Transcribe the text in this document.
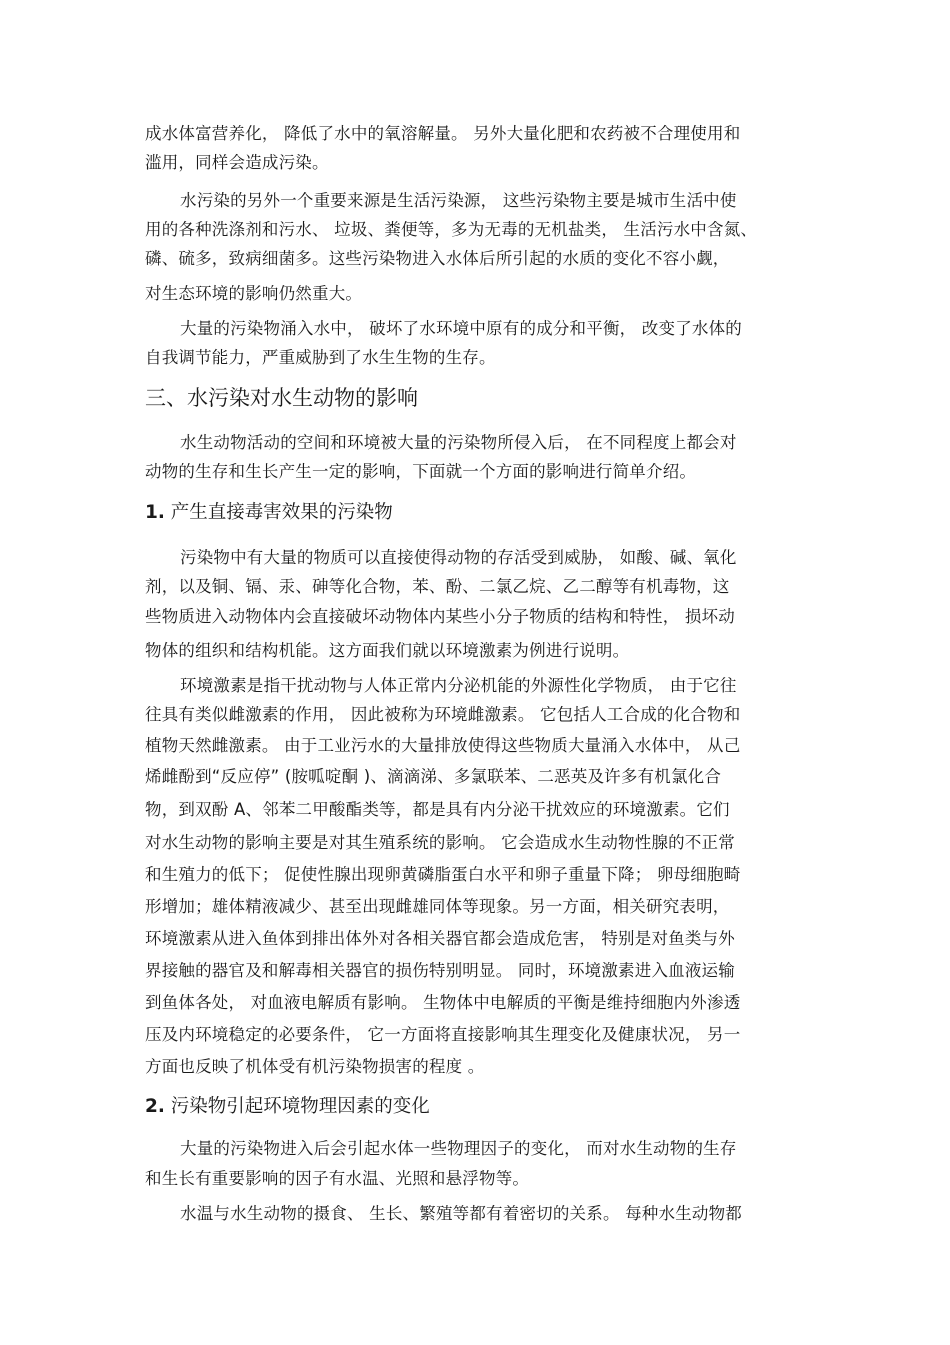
成水体富营养化， 降低了水中的氧溶解量。 另外大量化肥和农药被不合理使用和
滥用，同样会造成污染。
水污染的另外一个重要来源是生活污染源， 这些污染物主要是城市生活中使
用的各种洗涤剂和污水、 垃圾、粪便等，多为无毒的无机盐类， 生活污水中含氮、
磷、硫多，致病细菌多。这些污染物进入水体后所引起的水质的变化不容小觑，
对生态环境的影响仍然重大。
大量的污染物涌入水中， 破坏了水环境中原有的成分和平衡， 改变了水体的
自我调节能力，严重威胁到了水生生物的生存。
三、水污染对水生动物的影响
水生动物活动的空间和环境被大量的污染物所侵入后， 在不同程度上都会对
动物的生存和生长产生一定的影响，下面就一个方面的影响进行简单介绍。
1. 产生直接毒害效果的污染物
污染物中有大量的物质可以直接使得动物的存活受到威胁， 如酸、碱、氧化
剂，以及铜、镉、汞、砷等化合物，苯、酚、二氯乙烷、乙二醇等有机毒物，这
些物质进入动物体内会直接破坏动物体内某些小分子物质的结构和特性， 损坏动
物体的组织和结构机能。这方面我们就以环境激素为例进行说明。
环境激素是指干扰动物与人体正常内分泌机能的外源性化学物质， 由于它往
往具有类似雌激素的作用， 因此被称为环境雌激素。 它包括人工合成的化合物和
植物天然雌激素。 由于工业污水的大量排放使得这些物质大量涌入水体中， 从己
烯雌酚到“反应停” (胺呱啶酮 )、滴滴涕、多氯联苯、二恶英及许多有机氯化合
物，到双酚 A、邻苯二甲酸酯类等，都是具有内分泌干扰效应的环境激素。它们
对水生动物的影响主要是对其生殖系统的影响。 它会造成水生动物性腺的不正常
和生殖力的低下； 促使性腺出现卵黄磷脂蛋白水平和卵子重量下降； 卵母细胞畸
形增加；雄体精液减少、甚至出现雌雄同体等现象。另一方面，相关研究表明，
环境激素从进入鱼体到排出体外对各相关器官都会造成危害， 特别是对鱼类与外
界接触的器官及和解毒相关器官的损伤特别明显。 同时，环境激素进入血液运输
到鱼体各处， 对血液电解质有影响。 生物体中电解质的平衡是维持细胞内外渗透
压及内环境稳定的必要条件， 它一方面将直接影响其生理变化及健康状况， 另一
方面也反映了机体受有机污染物损害的程度 。
2. 污染物引起环境物理因素的变化
大量的污染物进入后会引起水体一些物理因子的变化， 而对水生动物的生存
和生长有重要影响的因子有水温、光照和悬浮物等。
水温与水生动物的摄食、 生长、繁殖等都有着密切的关系。 每种水生动物都
